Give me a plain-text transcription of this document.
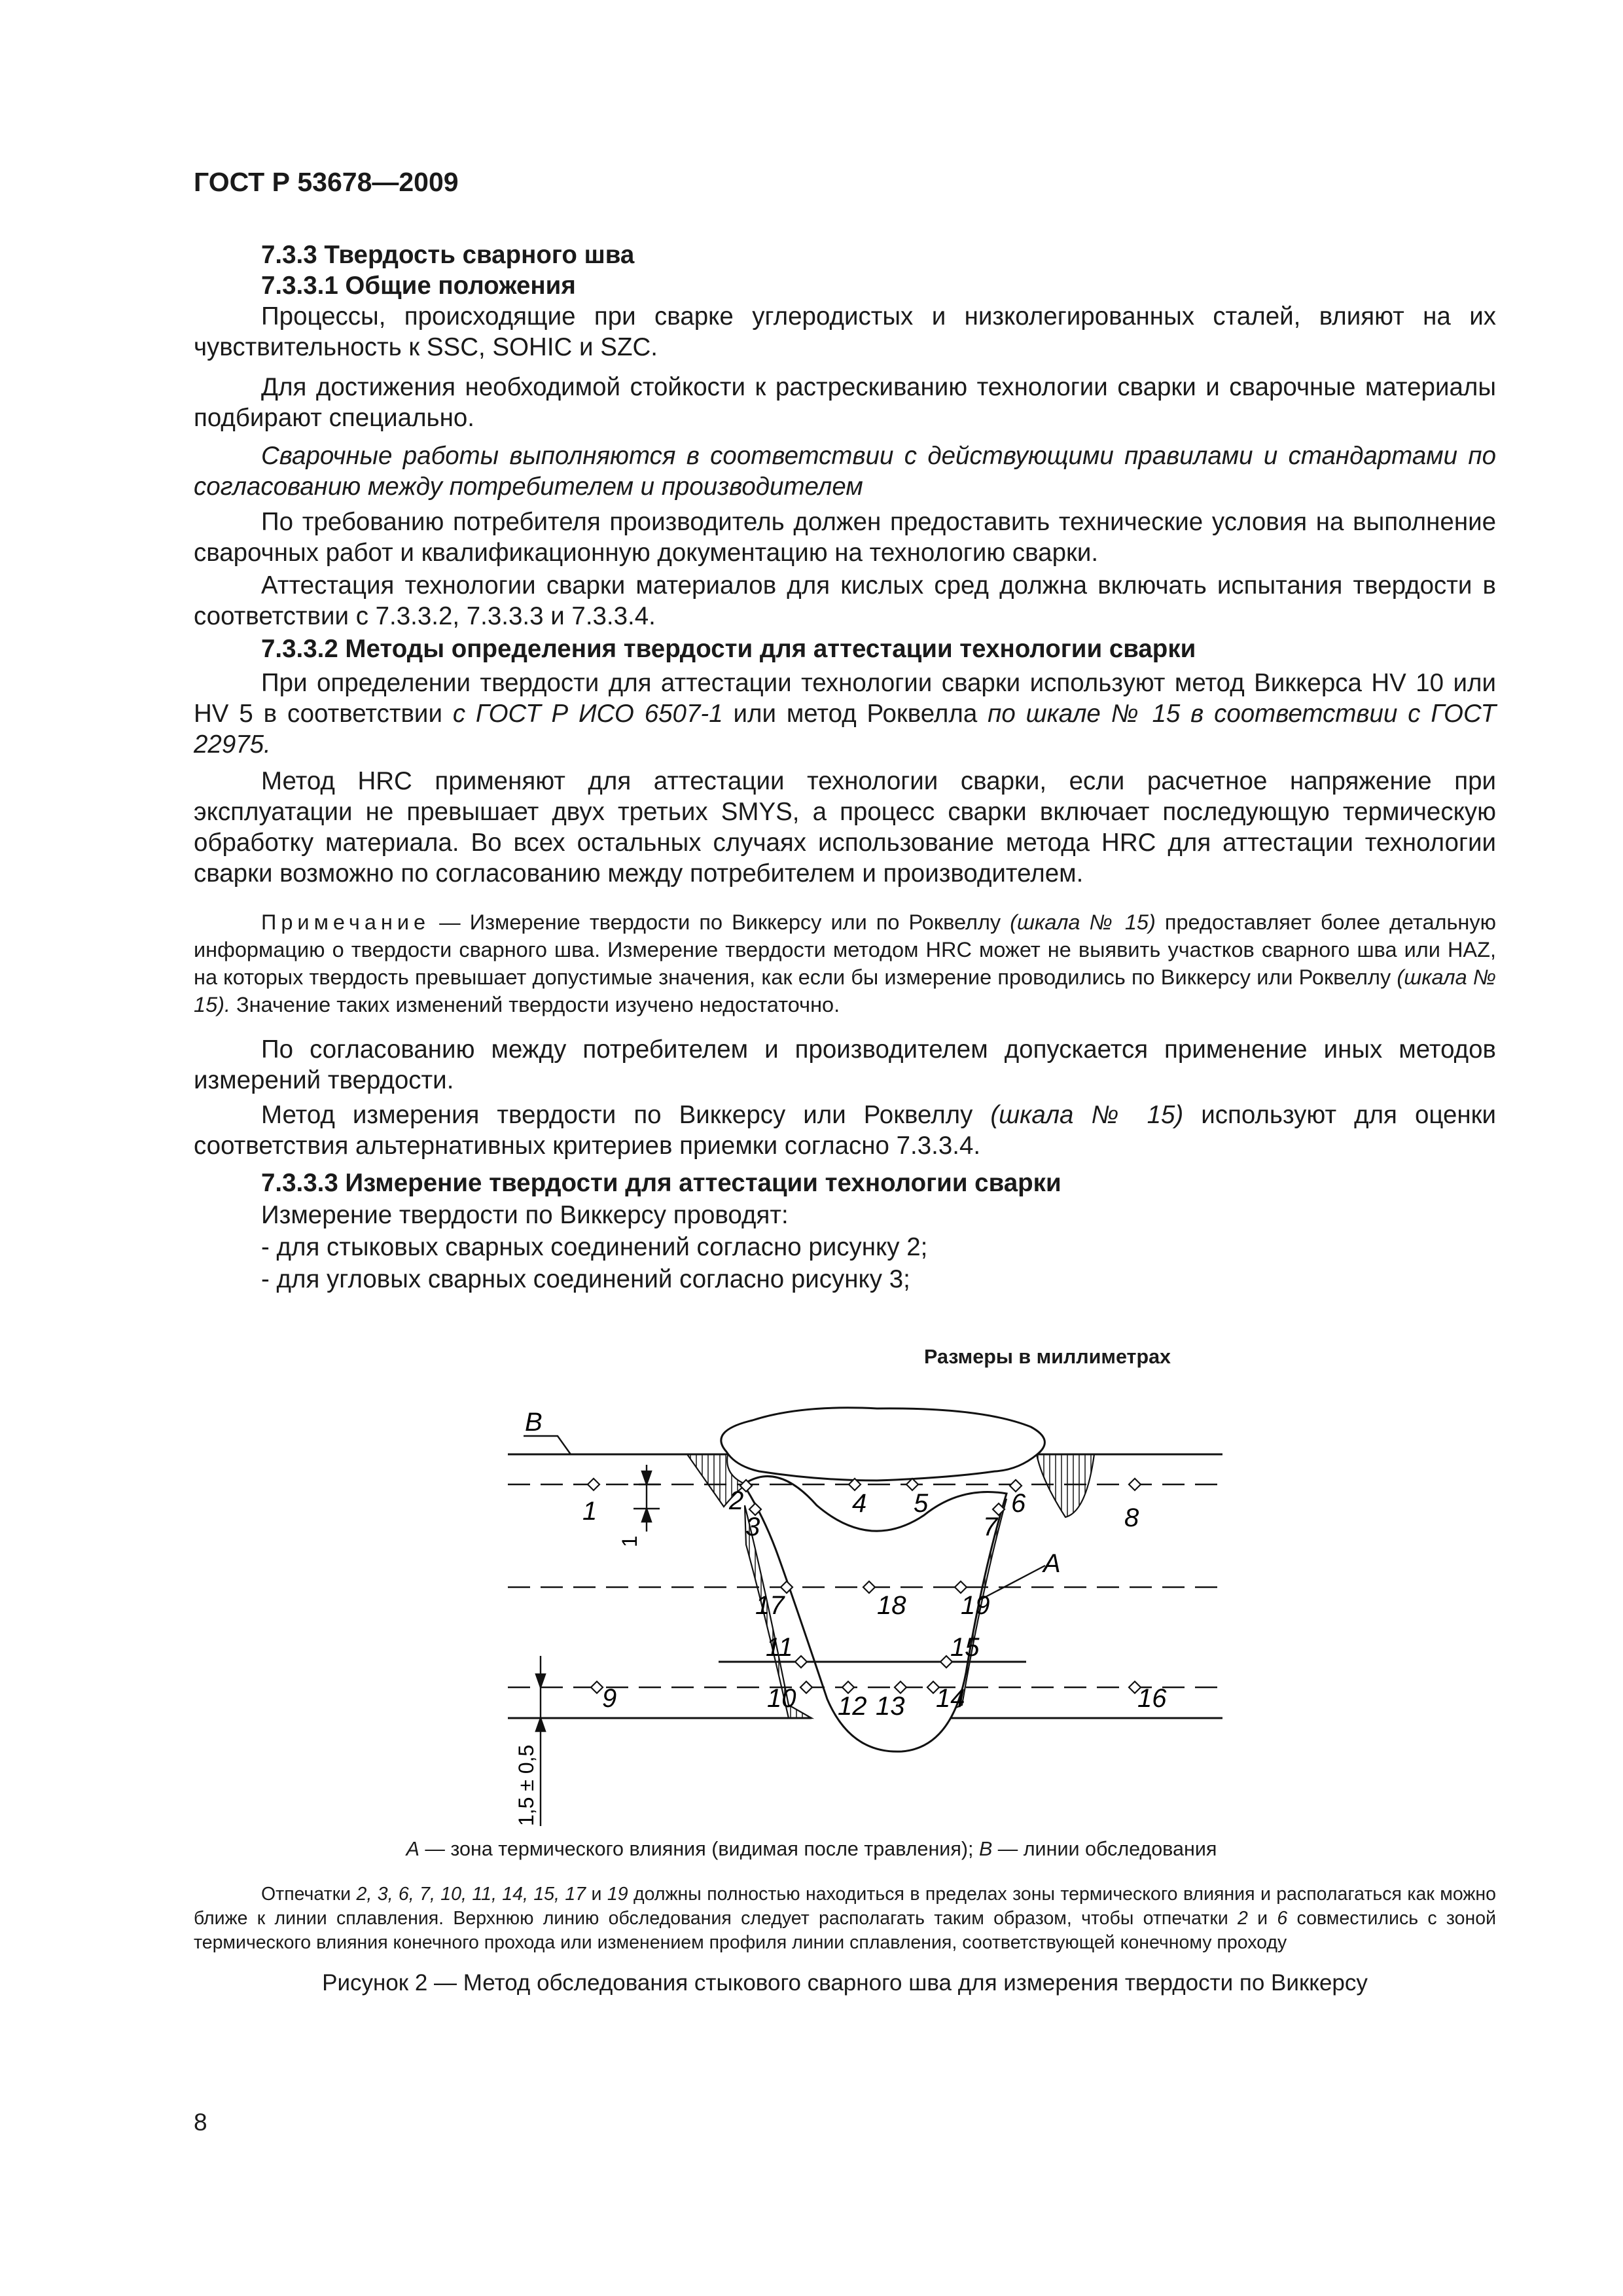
ГОСТ Р 53678—2009
7.3.3 Твердость сварного шва
7.3.3.1 Общие положения
Процессы, происходящие при сварке углеродистых и низколегированных сталей, влияют на их чувствительность к SSC, SOHIC и SZC.
Для достижения необходимой стойкости к растрескиванию технологии сварки и сварочные материалы подбирают специально.
Сварочные работы выполняются в соответствии с действующими правилами и стандартами по согласованию между потребителем и производителем
По требованию потребителя производитель должен предоставить технические условия на выполнение сварочных работ и квалификационную документацию на технологию сварки.
Аттестация технологии сварки материалов для кислых сред должна включать испытания твердости в соответствии с 7.3.3.2, 7.3.3.3 и 7.3.3.4.
7.3.3.2 Методы определения твердости для аттестации технологии сварки
При определении твердости для аттестации технологии сварки используют метод Виккерса HV 10 или HV 5 в соответствии с ГОСТ Р ИСО 6507-1 или метод Роквелла по шкале № 15 в соответствии с ГОСТ 22975.
Метод HRC применяют для аттестации технологии сварки, если расчетное напряжение при эксплуатации не превышает двух третьих SMYS, а процесс сварки включает последующую термическую обработку материала. Во всех остальных случаях использование метода HRC для аттестации технологии сварки возможно по согласованию между потребителем и производителем.
Примечание — Измерение твердости по Виккерсу или по Роквеллу (шкала № 15) предоставляет более детальную информацию о твердости сварного шва. Измерение твердости методом HRC может не выявить участков сварного шва или HAZ, на которых твердость превышает допустимые значения, как если бы измерение проводились по Виккерсу или Роквеллу (шкала № 15). Значение таких изменений твердости изучено недостаточно.
По согласованию между потребителем и производителем допускается применение иных методов измерений твердости.
Метод измерения твердости по Виккерсу или Роквеллу (шкала № 15) используют для оценки соответствия альтернативных критериев приемки согласно 7.3.3.4.
7.3.3.3 Измерение твердости для аттестации технологии сварки
Измерение твердости по Виккерсу проводят:
- для стыковых сварных соединений согласно рисунку 2;
- для угловых сварных соединений согласно рисунку 3;
Размеры в миллиметрах
B
A
1	2
3
4 5	6
7	8
9	10
11
12 13 14
15
16
17	18 19
1
1,5 ± 0,5
A — зона термического влияния (видимая после травления); B — линии обследования
Отпечатки 2, 3, 6, 7, 10, 11, 14, 15, 17 и 19 должны полностью находиться в пределах зоны термического влияния и располагаться как можно ближе к линии сплавления. Верхнюю линию обследования следует располагать таким образом, чтобы отпечатки 2 и 6 совместились с зоной термического влияния конечного прохода или изменением профиля линии сплавления, соответствующей конечному проходу
Рисунок 2 — Метод обследования стыкового сварного шва для измерения твердости по Виккерсу
8
